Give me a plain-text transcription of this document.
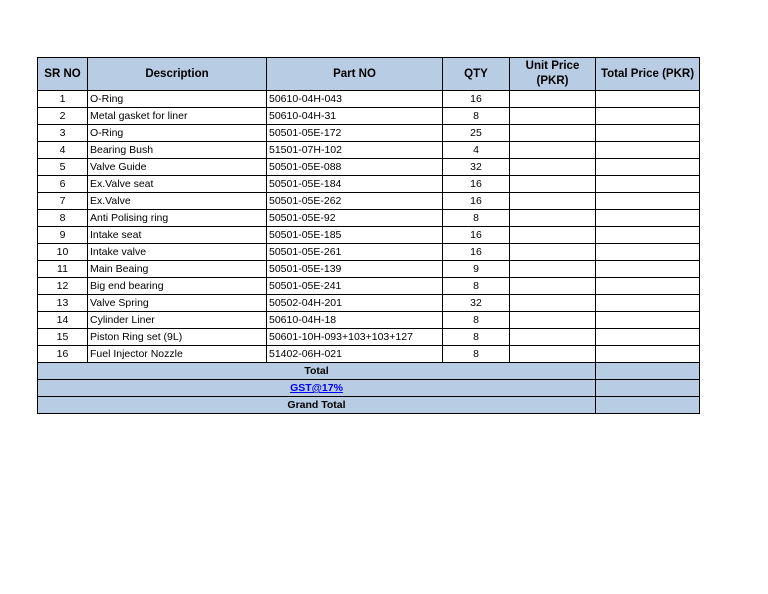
SR NO	Description	Part NO	QTY	Unit Price (PKR)	Total Price (PKR)
1	O-Ring	50610-04H-043	16		
2	Metal gasket for liner	50610-04H-31	8		
3	O-Ring	50501-05E-172	25		
4	Bearing Bush	51501-07H-102	4		
5	Valve Guide	50501-05E-088	32		
6	Ex.Valve seat	50501-05E-184	16		
7	Ex.Valve	50501-05E-262	16		
8	Anti Polising ring	50501-05E-92	8		
9	Intake seat	50501-05E-185	16		
10	Intake valve	50501-05E-261	16		
11	Main Beaing	50501-05E-139	9		
12	Big end bearing	50501-05E-241	8		
13	Valve Spring	50502-04H-201	32		
14	Cylinder Liner	50610-04H-18	8		
15	Piston Ring set (9L)	50601-10H-093+103+103+127	8		
16	Fuel Injector Nozzle	51402-06H-021	8		
Total					
GST@17%					
Grand Total					
